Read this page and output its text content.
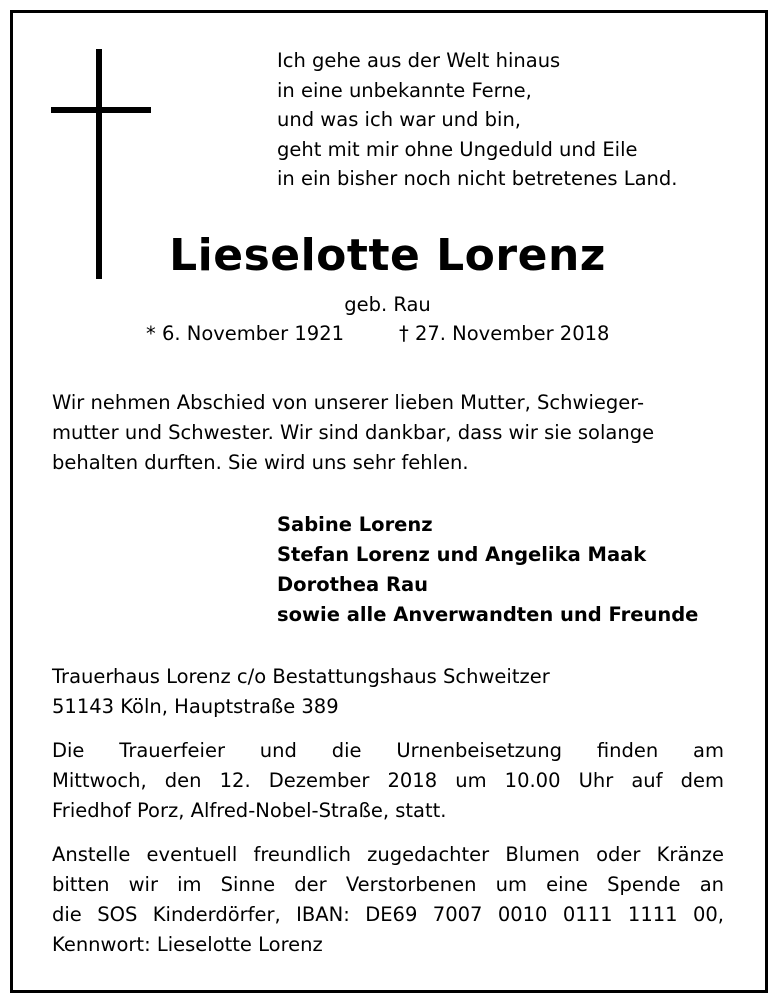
Ich gehe aus der Welt hinaus
in eine unbekannte Ferne,
und was ich war und bin,
geht mit mir ohne Ungeduld und Eile
in ein bisher noch nicht betretenes Land.
Lieselotte Lorenz
geb. Rau
* 6. November 1921	† 27. November 2018
Wir nehmen Abschied von unserer lieben Mutter, Schwieger-
mutter und Schwester. Wir sind dankbar, dass wir sie solange
behalten durften. Sie wird uns sehr fehlen.
Sabine Lorenz
Stefan Lorenz und Angelika Maak
Dorothea Rau
sowie alle Anverwandten und Freunde
Trauerhaus Lorenz c/o Bestattungshaus Schweitzer
51143 Köln, Hauptstraße 389
Die Trauerfeier und die Urnenbeisetzung finden am
Mittwoch, den 12. Dezember 2018 um 10.00 Uhr auf dem
Friedhof Porz, Alfred-Nobel-Straße, statt.
Anstelle eventuell freundlich zugedachter Blumen oder Kränze
bitten wir im Sinne der Verstorbenen um eine Spende an
die SOS Kinderdörfer, IBAN: DE69 7007 0010 0111 1111 00,
Kennwort: Lieselotte Lorenz
